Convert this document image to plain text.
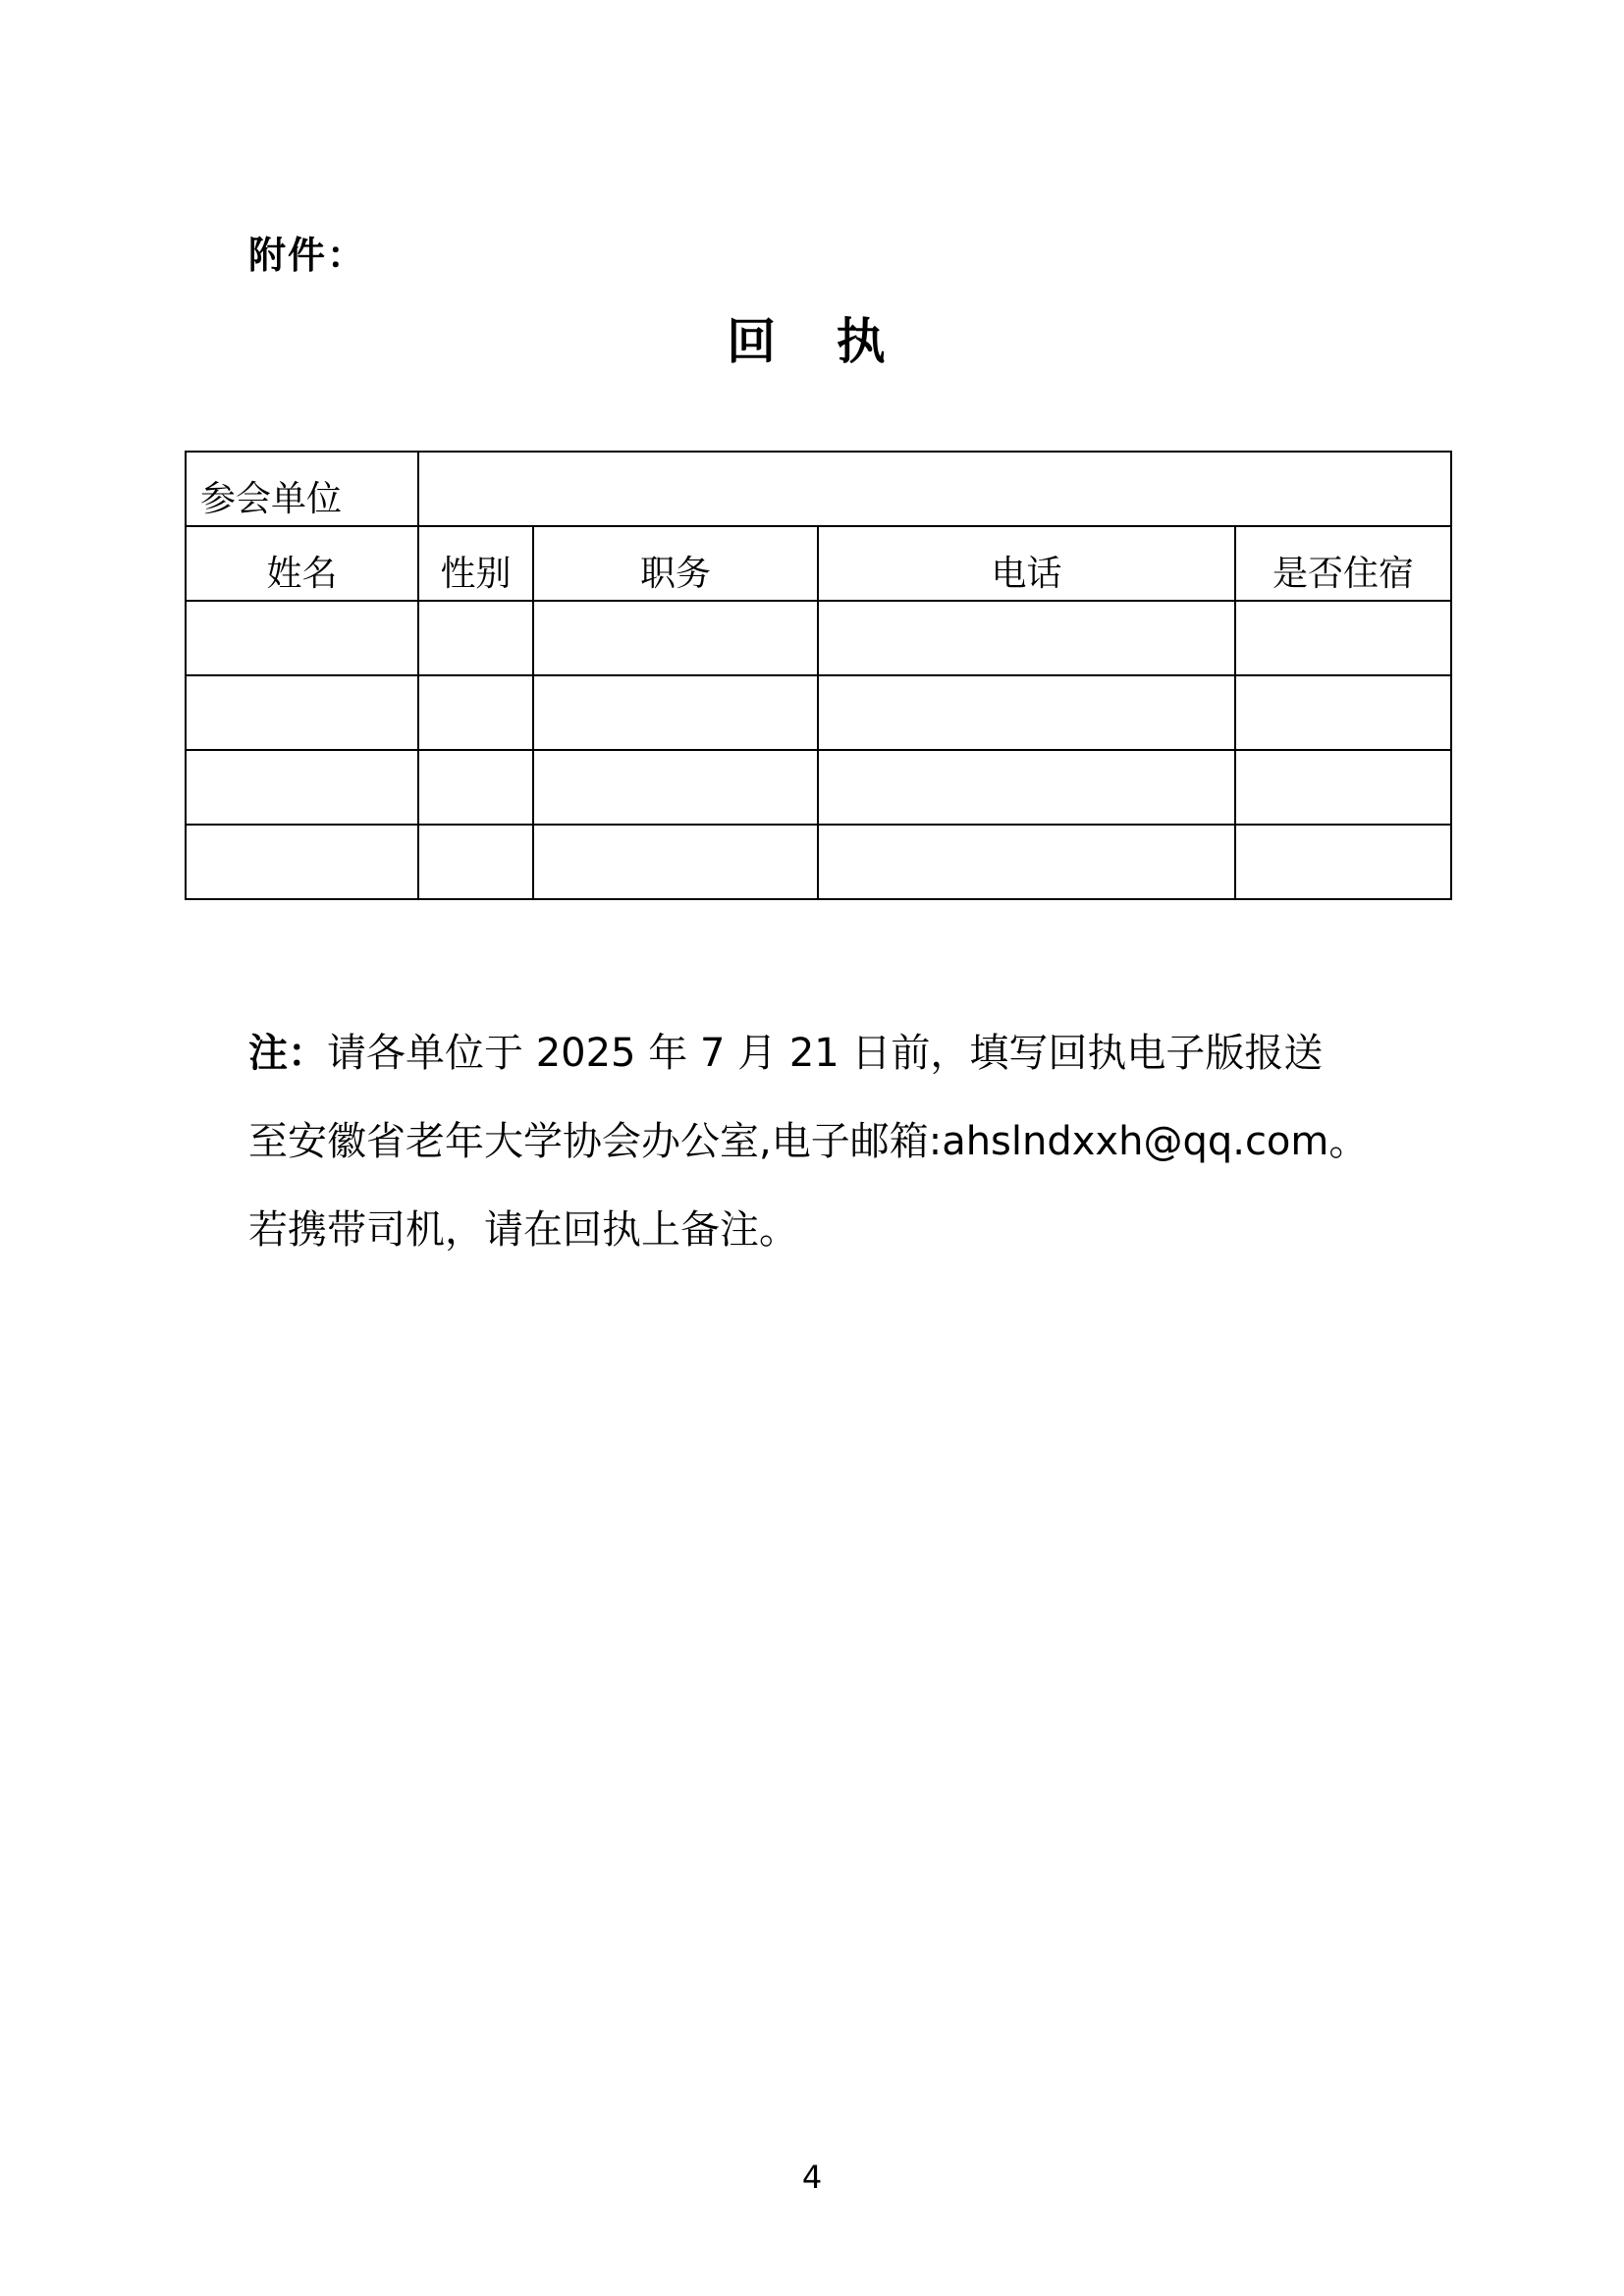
附件：
回 执
参会单位				
姓名	性别	职务	电话	是否住宿

注：请各单位于 2025 年 7 月 21 日前，填写回执电子版报送
至安徽省老年大学协会办公室,电子邮箱:ahslndxxh@qq.com。
若携带司机，请在回执上备注。
4
